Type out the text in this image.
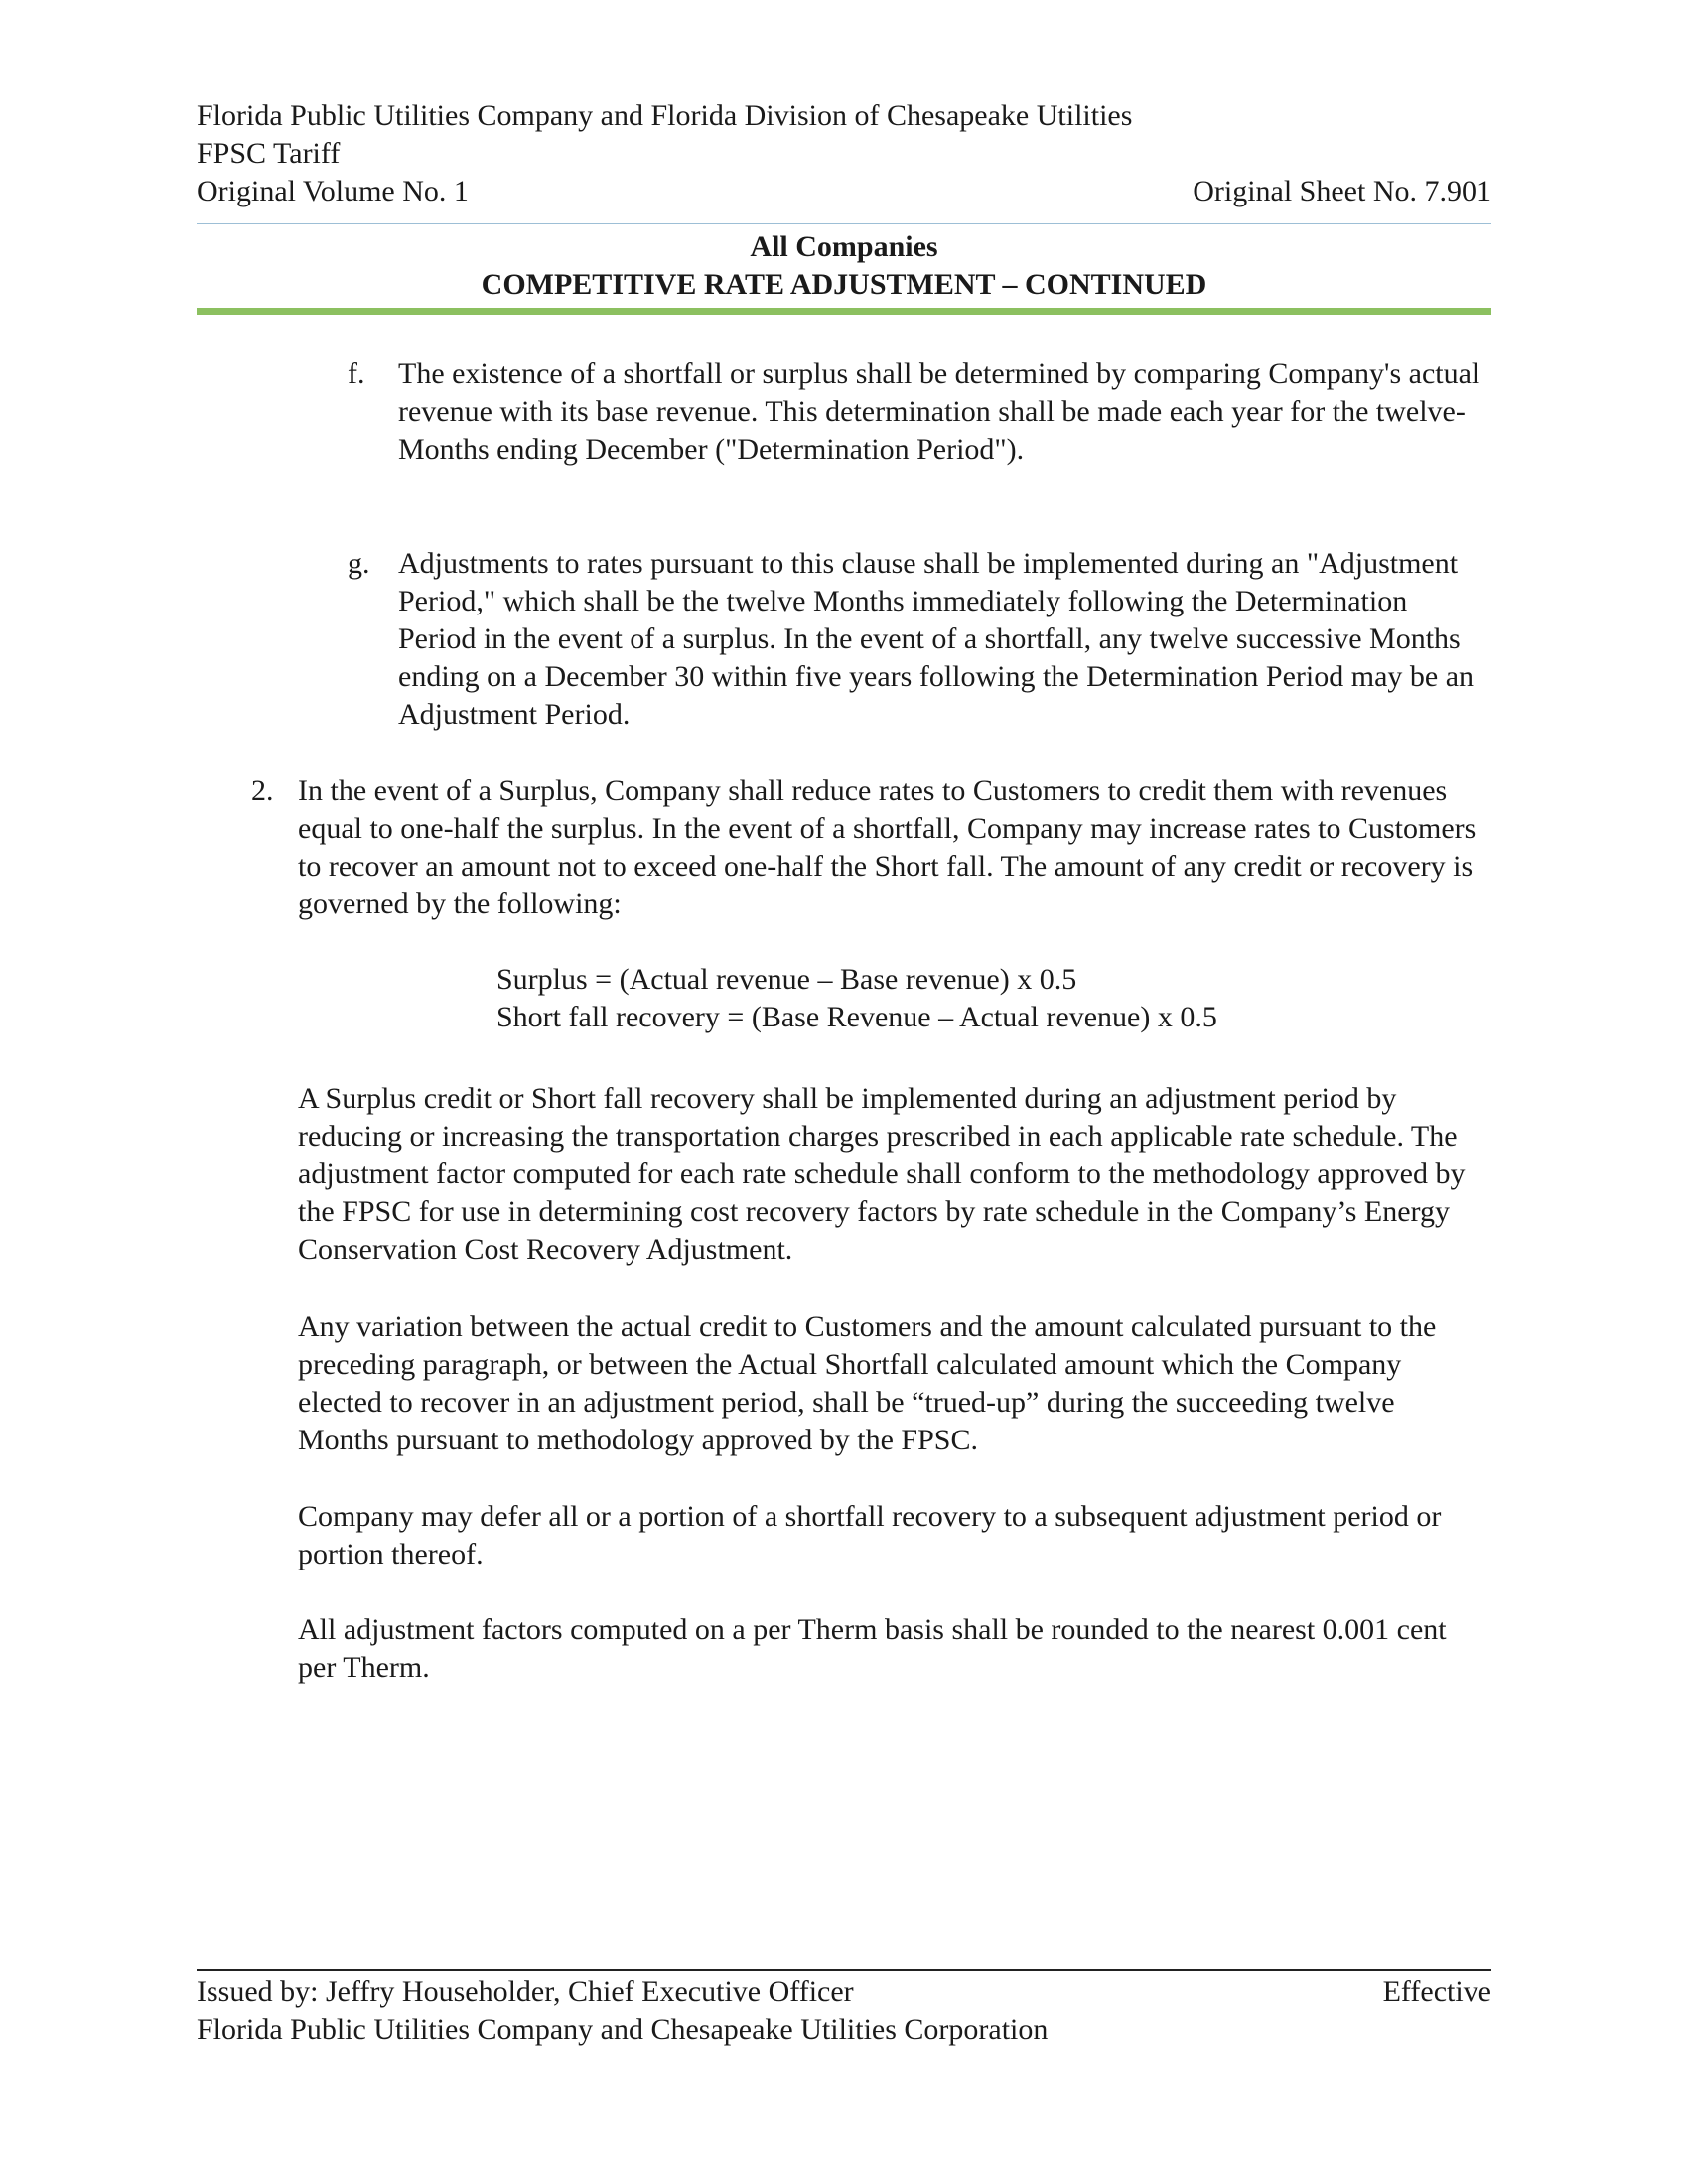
Florida Public Utilities Company and Florida Division of Chesapeake Utilities
FPSC Tariff
Original Volume No. 1	Original Sheet No. 7.901
All Companies
COMPETITIVE RATE ADJUSTMENT – CONTINUED
f.	The existence of a shortfall or surplus shall be determined by comparing Company's actual revenue with its base revenue. This determination shall be made each year for the twelve-Months ending December ("Determination Period").
g. Adjustments to rates pursuant to this clause shall be implemented during an "Adjustment Period," which shall be the twelve Months immediately following the Determination Period in the event of a surplus. In the event of a shortfall, any twelve successive Months ending on a December 30 within five years following the Determination Period may be an Adjustment Period.
2. In the event of a Surplus, Company shall reduce rates to Customers to credit them with revenues equal to one-half the surplus. In the event of a shortfall, Company may increase rates to Customers to recover an amount not to exceed one-half the Short fall. The amount of any credit or recovery is governed by the following:
Surplus = (Actual revenue – Base revenue) x 0.5
Short fall recovery = (Base Revenue – Actual revenue) x 0.5
A Surplus credit or Short fall recovery shall be implemented during an adjustment period by reducing or increasing the transportation charges prescribed in each applicable rate schedule. The adjustment factor computed for each rate schedule shall conform to the methodology approved by the FPSC for use in determining cost recovery factors by rate schedule in the Company’s Energy Conservation Cost Recovery Adjustment.
Any variation between the actual credit to Customers and the amount calculated pursuant to the preceding paragraph, or between the Actual Shortfall calculated amount which the Company elected to recover in an adjustment period, shall be “trued-up” during the succeeding twelve Months pursuant to methodology approved by the FPSC.
Company may defer all or a portion of a shortfall recovery to a subsequent adjustment period or portion thereof.
All adjustment factors computed on a per Therm basis shall be rounded to the nearest 0.001 cent per Therm.
Issued by: Jeffry Householder, Chief Executive Officer	Effective
Florida Public Utilities Company and Chesapeake Utilities Corporation
